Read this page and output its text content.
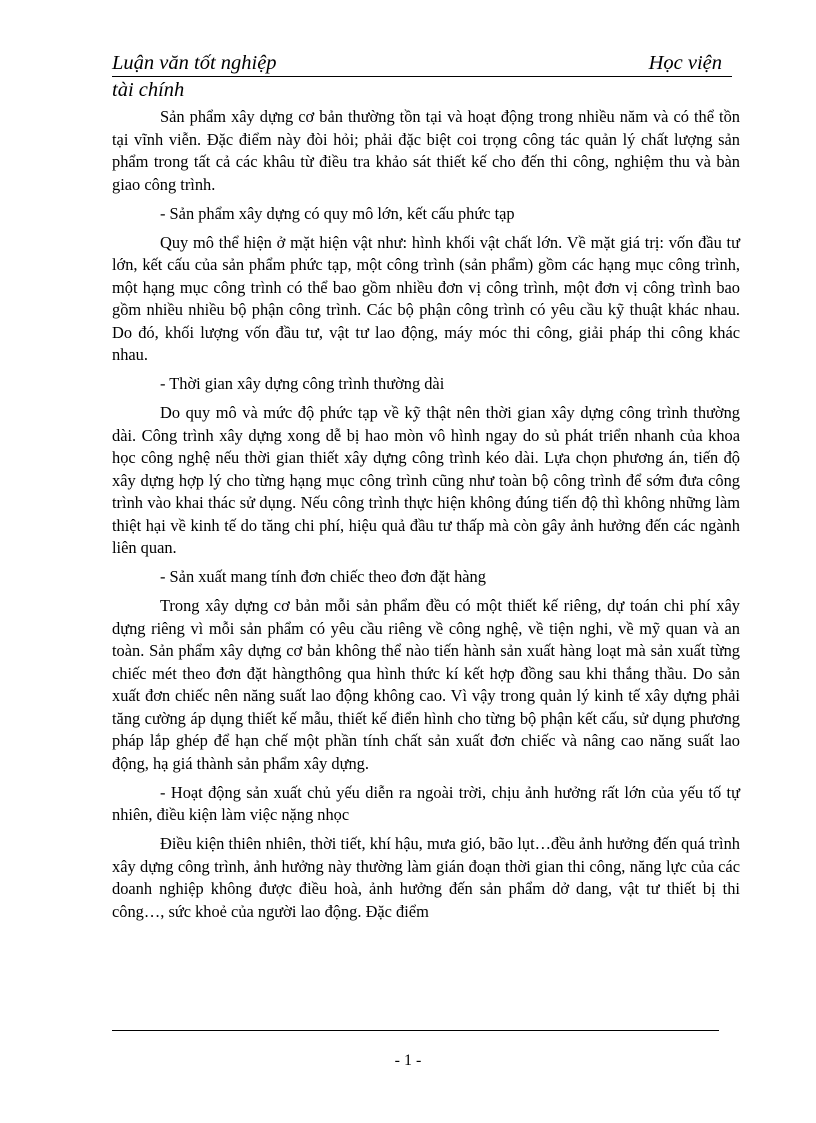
Luận văn tốt nghiệp	Học viện
tài chính

Sản phẩm xây dựng cơ bản thường tồn tại và hoạt động trong nhiều năm và có thể tồn tại vĩnh viễn. Đặc điểm này đòi hỏi; phải đặc biệt coi trọng công tác quản lý chất lượng sản phẩm trong tất cả các khâu từ điều tra khảo sát thiết kế cho đến thi công, nghiệm thu và bàn giao công trình.

- Sản phẩm xây dựng có quy mô lớn, kết cấu phức tạp

Quy mô thể hiện ở mặt hiện vật như: hình khối vật chất lớn. Về mặt giá trị: vốn đầu tư lớn, kết cấu của sản phẩm phức tạp, một công trình (sản phẩm) gồm các hạng mục công trình, một hạng mục công trình có thể bao gồm nhiều đơn vị công trình, một đơn vị công trình bao gồm nhiều nhiều bộ phận công trình. Các bộ phận công trình có yêu cầu kỹ thuật khác nhau. Do đó, khối lượng vốn đầu tư, vật tư lao động, máy móc thi công, giải pháp thi công khác nhau.

- Thời gian xây dựng công trình thường dài

Do quy mô và mức độ phức tạp về kỹ thật nên thời gian xây dựng công trình thường dài. Công trình xây dựng xong dễ bị hao mòn vô hình ngay do sủ phát triển nhanh của khoa học công nghệ nếu thời gian thiết xây dựng công trình kéo dài. Lựa chọn phương án, tiến độ xây dựng hợp lý cho từng hạng mục công trình cũng như toàn bộ công trình để sớm đưa công trình vào khai thác sử dụng. Nếu công trình thực hiện không đúng tiến độ thì không những làm thiệt hại về kinh tế do tăng chi phí, hiệu quả đầu tư thấp mà còn gây ảnh hưởng đến các ngành liên quan.

- Sản xuất mang tính đơn chiếc theo đơn đặt hàng

Trong xây dựng cơ bản mỗi sản phẩm đều có một thiết kế riêng, dự toán chi phí xây dựng riêng vì mỗi sản phẩm có yêu cầu riêng về công nghệ, về tiện nghi, về mỹ quan và an toàn. Sản phẩm xây dựng cơ bản không thể nào tiến hành sản xuất hàng loạt mà sản xuất từng chiếc mét theo đơn đặt hàngthông qua hình thức kí kết hợp đồng sau khi thắng thầu. Do sản xuất đơn chiếc nên năng suất lao động không cao. Vì vậy trong quản lý kinh tế xây dựng phải tăng cường áp dụng thiết kế mẫu, thiết kế điển hình cho từng bộ phận kết cấu, sử dụng phương pháp lắp ghép để hạn chế một phần tính chất sản xuất đơn chiếc và nâng cao năng suất lao động, hạ giá thành sản phẩm xây dựng.

- Hoạt động sản xuất chủ yếu diễn ra ngoài trời, chịu ảnh hưởng rất lớn của yếu tố tự nhiên, điều kiện làm việc nặng nhọc

Điều kiện thiên nhiên, thời tiết, khí hậu, mưa gió, bão lụt…đều ảnh hưởng đến quá trình xây dựng công trình, ảnh hưởng này thường làm gián đoạn thời gian thi công, năng lực của các doanh nghiệp không được điều hoà, ảnh hưởng đến sản phẩm dở dang, vật tư thiết bị thi công…, sức khoẻ của người lao động. Đặc điểm

- 1 -
